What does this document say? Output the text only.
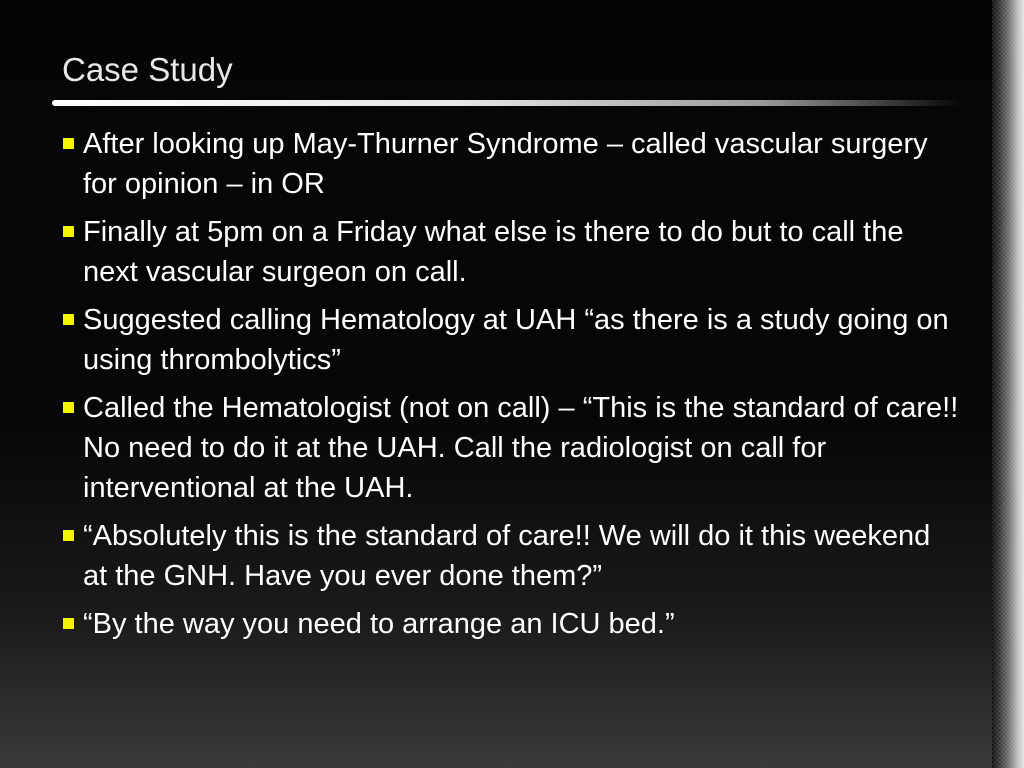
Case Study
After looking up May-Thurner Syndrome – called vascular surgery for opinion – in OR
Finally at 5pm on a Friday what else is there to do but to call the next vascular surgeon on call.
Suggested calling Hematology at UAH “as there is a study going on using thrombolytics”
Called the Hematologist (not on call) – “This is the standard of care!! No need to do it at the UAH. Call the radiologist on call for interventional at the UAH.
“Absolutely this is the standard of care!! We will do it this weekend at the GNH. Have you ever done them?”
“By the way you need to arrange an ICU bed.”
